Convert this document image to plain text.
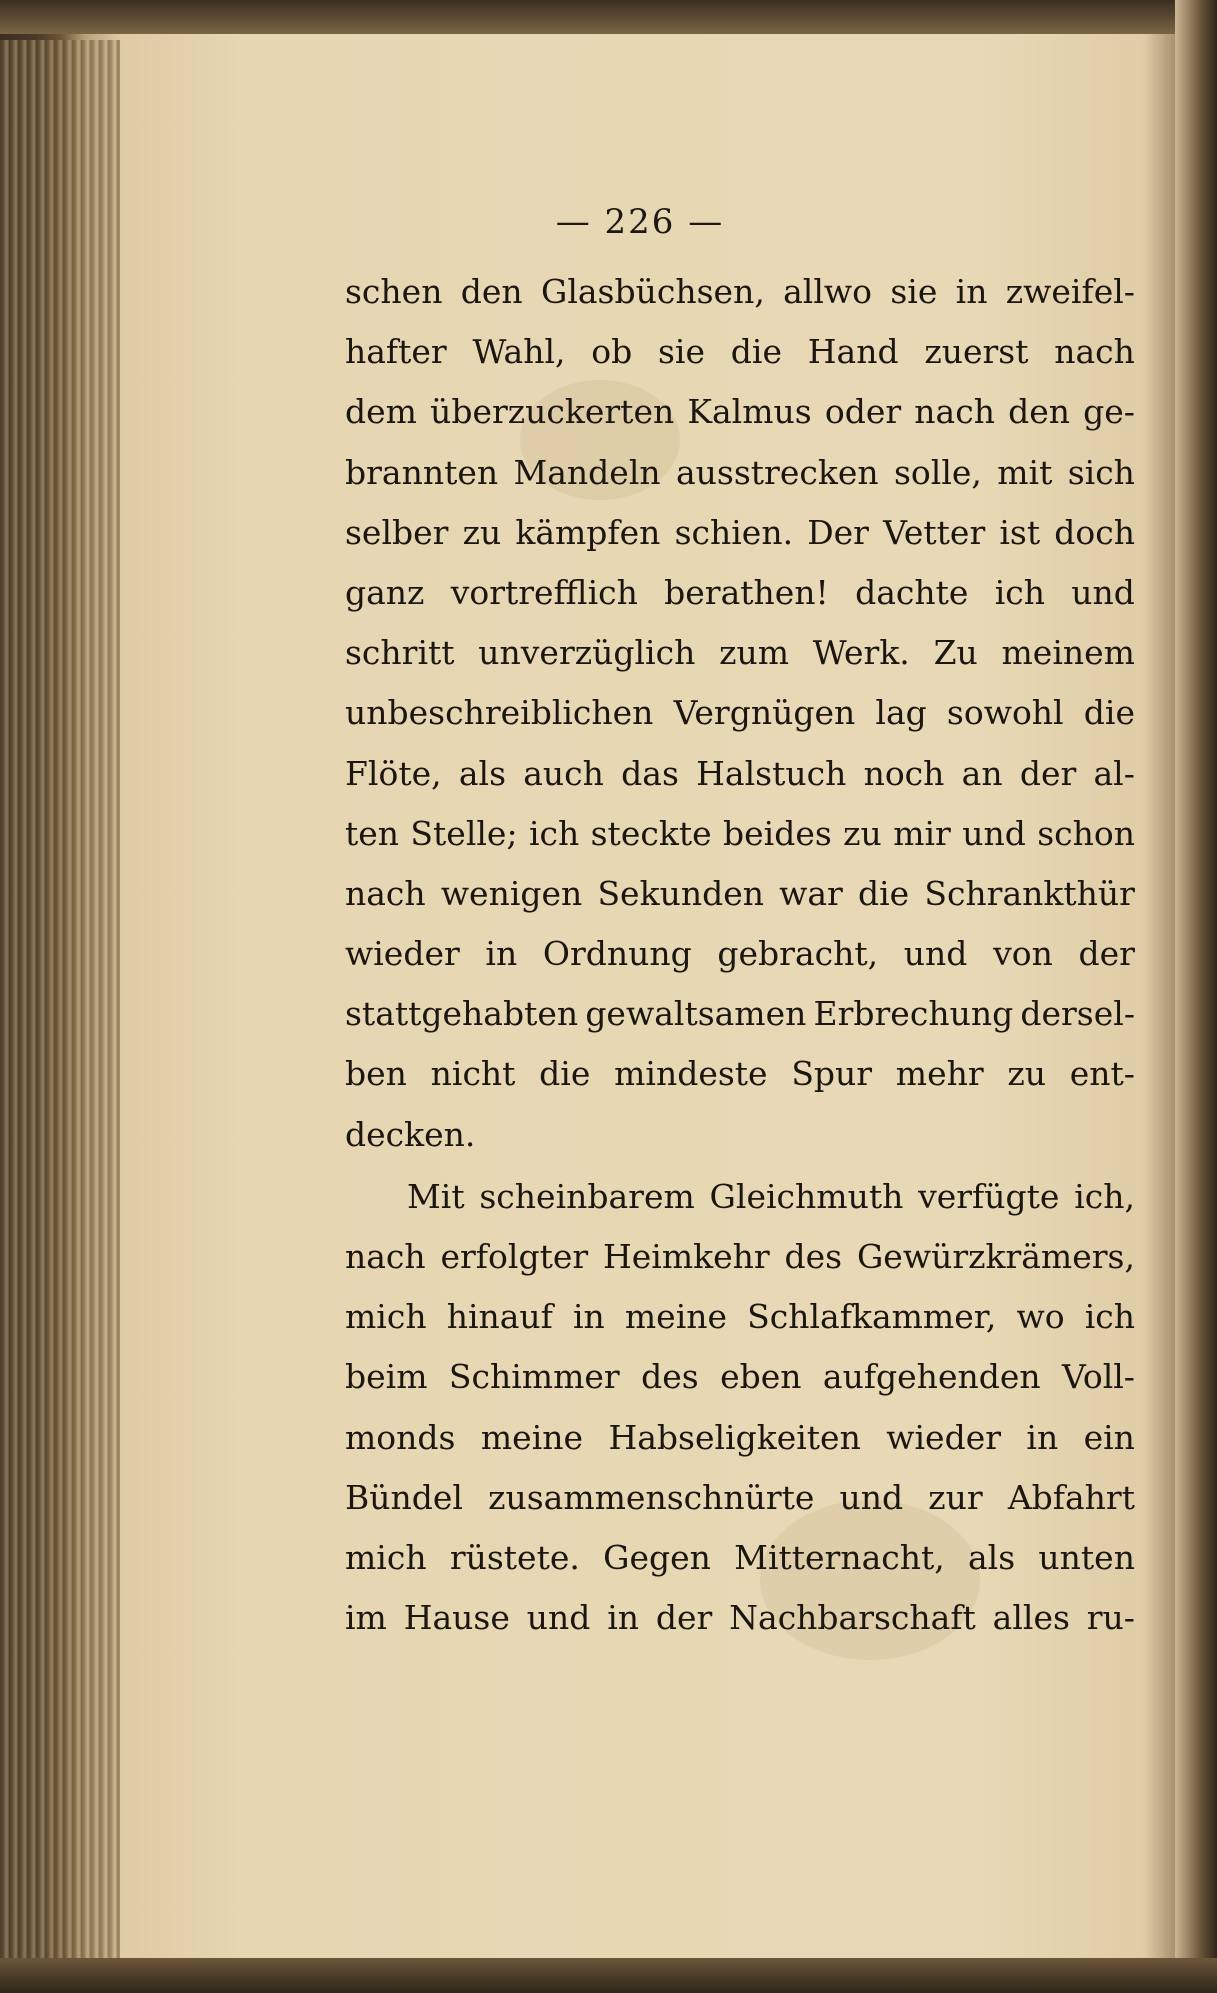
— 226 —
schen den Glasbüchsen, allwo sie in zweifel-
hafter Wahl, ob sie die Hand zuerst nach
dem überzuckerten Kalmus oder nach den ge-
brannten Mandeln ausstrecken solle, mit sich
selber zu kämpfen schien. Der Vetter ist doch
ganz vortrefflich berathen! dachte ich und
schritt unverzüglich zum Werk. Zu meinem
unbeschreiblichen Vergnügen lag sowohl die
Flöte, als auch das Halstuch noch an der al-
ten Stelle; ich steckte beides zu mir und schon
nach wenigen Sekunden war die Schrankthür
wieder in Ordnung gebracht, und von der
stattgehabten gewaltsamen Erbrechung dersel-
ben nicht die mindeste Spur mehr zu ent-
decken.
Mit scheinbarem Gleichmuth verfügte ich,
nach erfolgter Heimkehr des Gewürzkrämers,
mich hinauf in meine Schlafkammer, wo ich
beim Schimmer des eben aufgehenden Voll-
monds meine Habseligkeiten wieder in ein
Bündel zusammenschnürte und zur Abfahrt
mich rüstete. Gegen Mitternacht, als unten
im Hause und in der Nachbarschaft alles ru-
